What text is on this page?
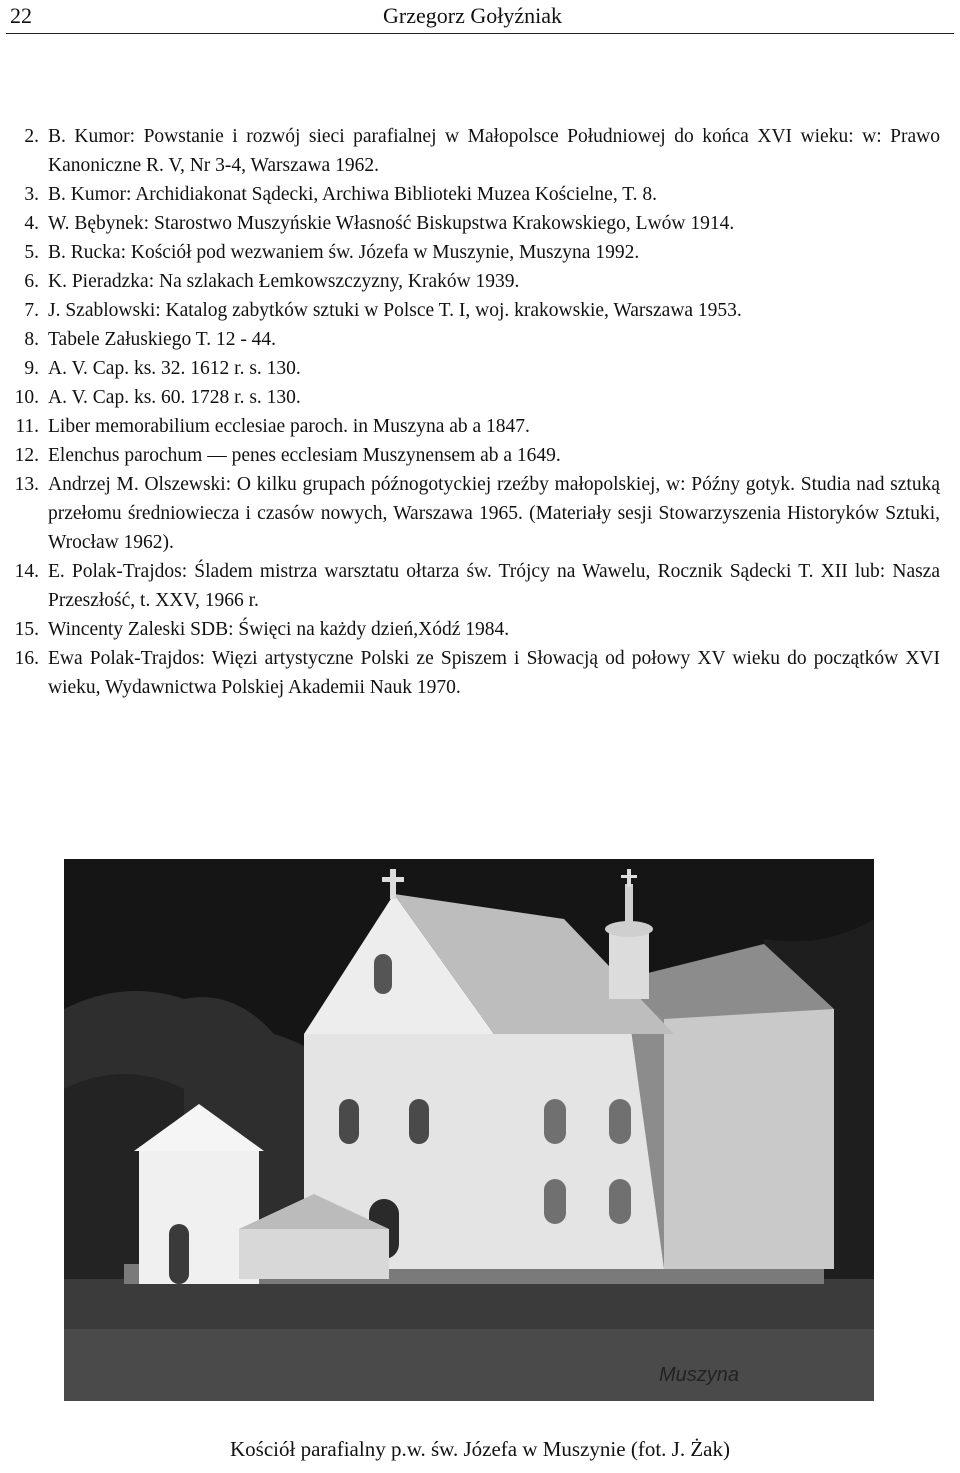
22	Grzegorz Gołyźniak
2. B. Kumor: Powstanie i rozwój sieci parafialnej w Małopolsce Południowej do końca XVI wieku: w: Prawo Kanoniczne R. V, Nr 3-4, Warszawa 1962.
3. B. Kumor: Archidiakonat Sądecki, Archiwa Biblioteki Muzea Kościelne, T. 8.
4. W. Bębynek: Starostwo Muszyńskie Własność Biskupstwa Krakowskiego, Lwów 1914.
5. B. Rucka: Kościół pod wezwaniem św. Józefa w Muszynie, Muszyna 1992.
6. K. Pieradzka: Na szlakach Łemkowszczyzny, Kraków 1939.
7. J. Szablowski: Katalog zabytków sztuki w Polsce T. I, woj. krakowskie, Warszawa 1953.
8. Tabele Załuskiego T. 12 - 44.
9. A. V. Cap. ks. 32. 1612 r. s. 130.
10. A. V. Cap. ks. 60. 1728 r. s. 130.
11. Liber memorabilium ecclesiae paroch. in Muszyna ab a 1847.
12. Elenchus parochum — penes ecclesiam Muszynensem ab a 1649.
13. Andrzej M. Olszewski: O kilku grupach późnogotyckiej rzeźby małopolskiej, w: Późny gotyk. Studia nad sztuką przełomu średniowiecza i czasów nowych, Warszawa 1965. (Materiały sesji Stowarzyszenia Historyków Sztuki, Wrocław 1962).
14. E. Polak-Trajdos: Śladem mistrza warsztatu ołtarza św. Trójcy na Wawelu, Rocznik Sądecki T. XII lub: Nasza Przeszłość, t. XXV, 1966 r.
15. Wincenty Zaleski SDB: Święci na każdy dzień,Xódź 1984.
16. Ewa Polak-Trajdos: Więzi artystyczne Polski ze Spiszem i Słowacją od połowy XV wieku do początków XVI wieku, Wydawnictwa Polskiej Akademii Nauk 1970.
Muszyna
Kościół parafialny p.w. św. Józefa w Muszynie (fot. J. Żak)
